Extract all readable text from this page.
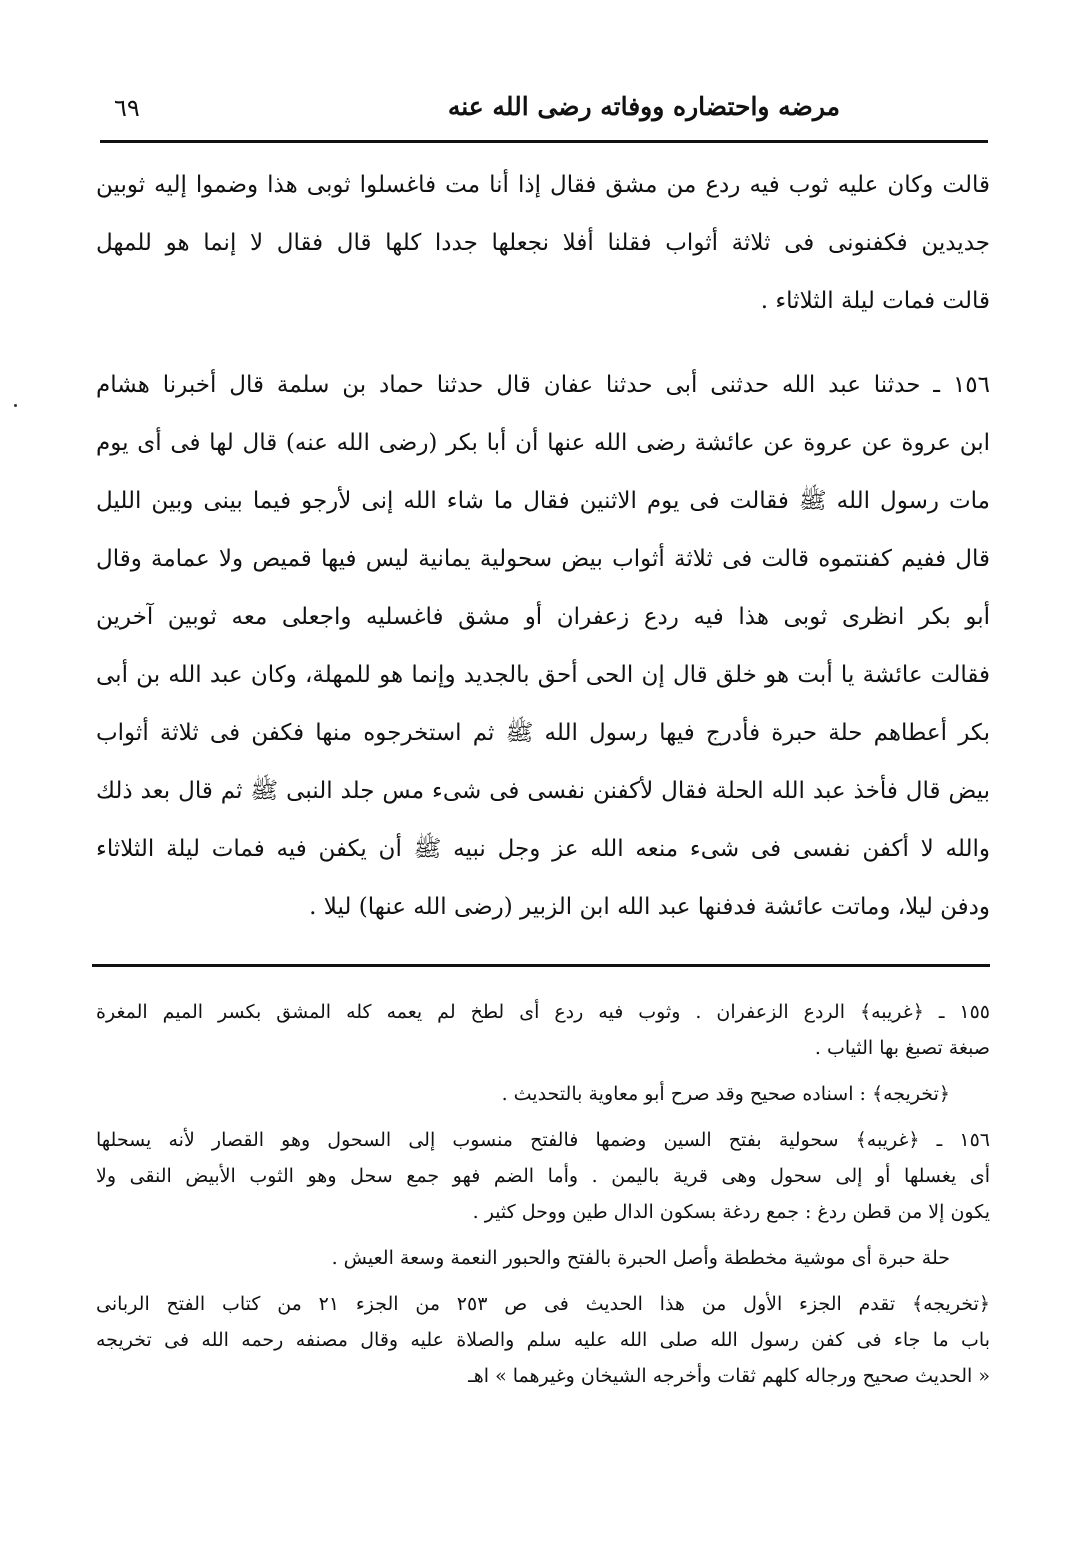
٦٩	مرضه واحتضاره ووفاته رضى الله عنه
قالت وكان عليه ثوب فيه ردع من مشق فقال إذا أنا مت فاغسلوا ثوبى هذا وضموا إليه ثوبين
جديدين فكفنونى فى ثلاثة أثواب فقلنا أفلا نجعلها جددا كلها قال فقال لا إنما هو للمهل
قالت فمات ليلة الثلاثاء .
١٥٦ ـ حدثنا عبد الله حدثنى أبى حدثنا عفان قال حدثنا حماد بن سلمة قال أخبرنا هشام
ابن عروة عن عروة عن عائشة رضى الله عنها أن أبا بكر (رضى الله عنه) قال لها فى أى يوم
مات رسول الله ﷺ فقالت فى يوم الاثنين فقال ما شاء الله إنى لأرجو فيما بينى وبين الليل
قال ففيم كفنتموه قالت فى ثلاثة أثواب بيض سحولية يمانية ليس فيها قميص ولا عمامة وقال
أبو بكر انظرى ثوبى هذا فيه ردع زعفران أو مشق فاغسليه واجعلى معه ثوبين آخرين
فقالت عائشة يا أبت هو خلق قال إن الحى أحق بالجديد وإنما هو للمهلة، وكان عبد الله بن أبى
بكر أعطاهم حلة حبرة فأدرج فيها رسول الله ﷺ ثم استخرجوه منها فكفن فى ثلاثة أثواب
بيض قال فأخذ عبد الله الحلة فقال لأكفنن نفسى فى شىء مس جلد النبى ﷺ ثم قال بعد ذلك
والله لا أكفن نفسى فى شىء منعه الله عز وجل نبيه ﷺ أن يكفن فيه فمات ليلة الثلاثاء
ودفن ليلا، وماتت عائشة فدفنها عبد الله ابن الزبير (رضى الله عنها) ليلا .
١٥٥ ـ ﴿غريبه﴾ الردع الزعفران . وثوب فيه ردع أى لطخ لم يعمه كله المشق بكسر الميم المغرة
صبغة تصبغ بها الثياب .
﴿تخريجه﴾ : اسناده صحيح وقد صرح أبو معاوية بالتحديث .
١٥٦ ـ ﴿غريبه﴾ سحولية بفتح السين وضمها فالفتح منسوب إلى السحول وهو القصار لأنه يسحلها
أى يغسلها أو إلى سحول وهى قرية باليمن . وأما الضم فهو جمع سحل وهو الثوب الأبيض النقى ولا
يكون إلا من قطن ردغ : جمع ردغة بسكون الدال طين ووحل كثير .
حلة حبرة أى موشية مخططة وأصل الحبرة بالفتح والحبور النعمة وسعة العيش .
﴿تخريجه﴾ تقدم الجزء الأول من هذا الحديث فى ص ٢٥٣ من الجزء ٢١ من كتاب الفتح الربانى
باب ما جاء فى كفن رسول الله صلى الله عليه سلم والصلاة عليه وقال مصنفه رحمه الله فى تخريجه
« الحديث صحيح ورجاله كلهم ثقات وأخرجه الشيخان وغيرهما » اهـ
